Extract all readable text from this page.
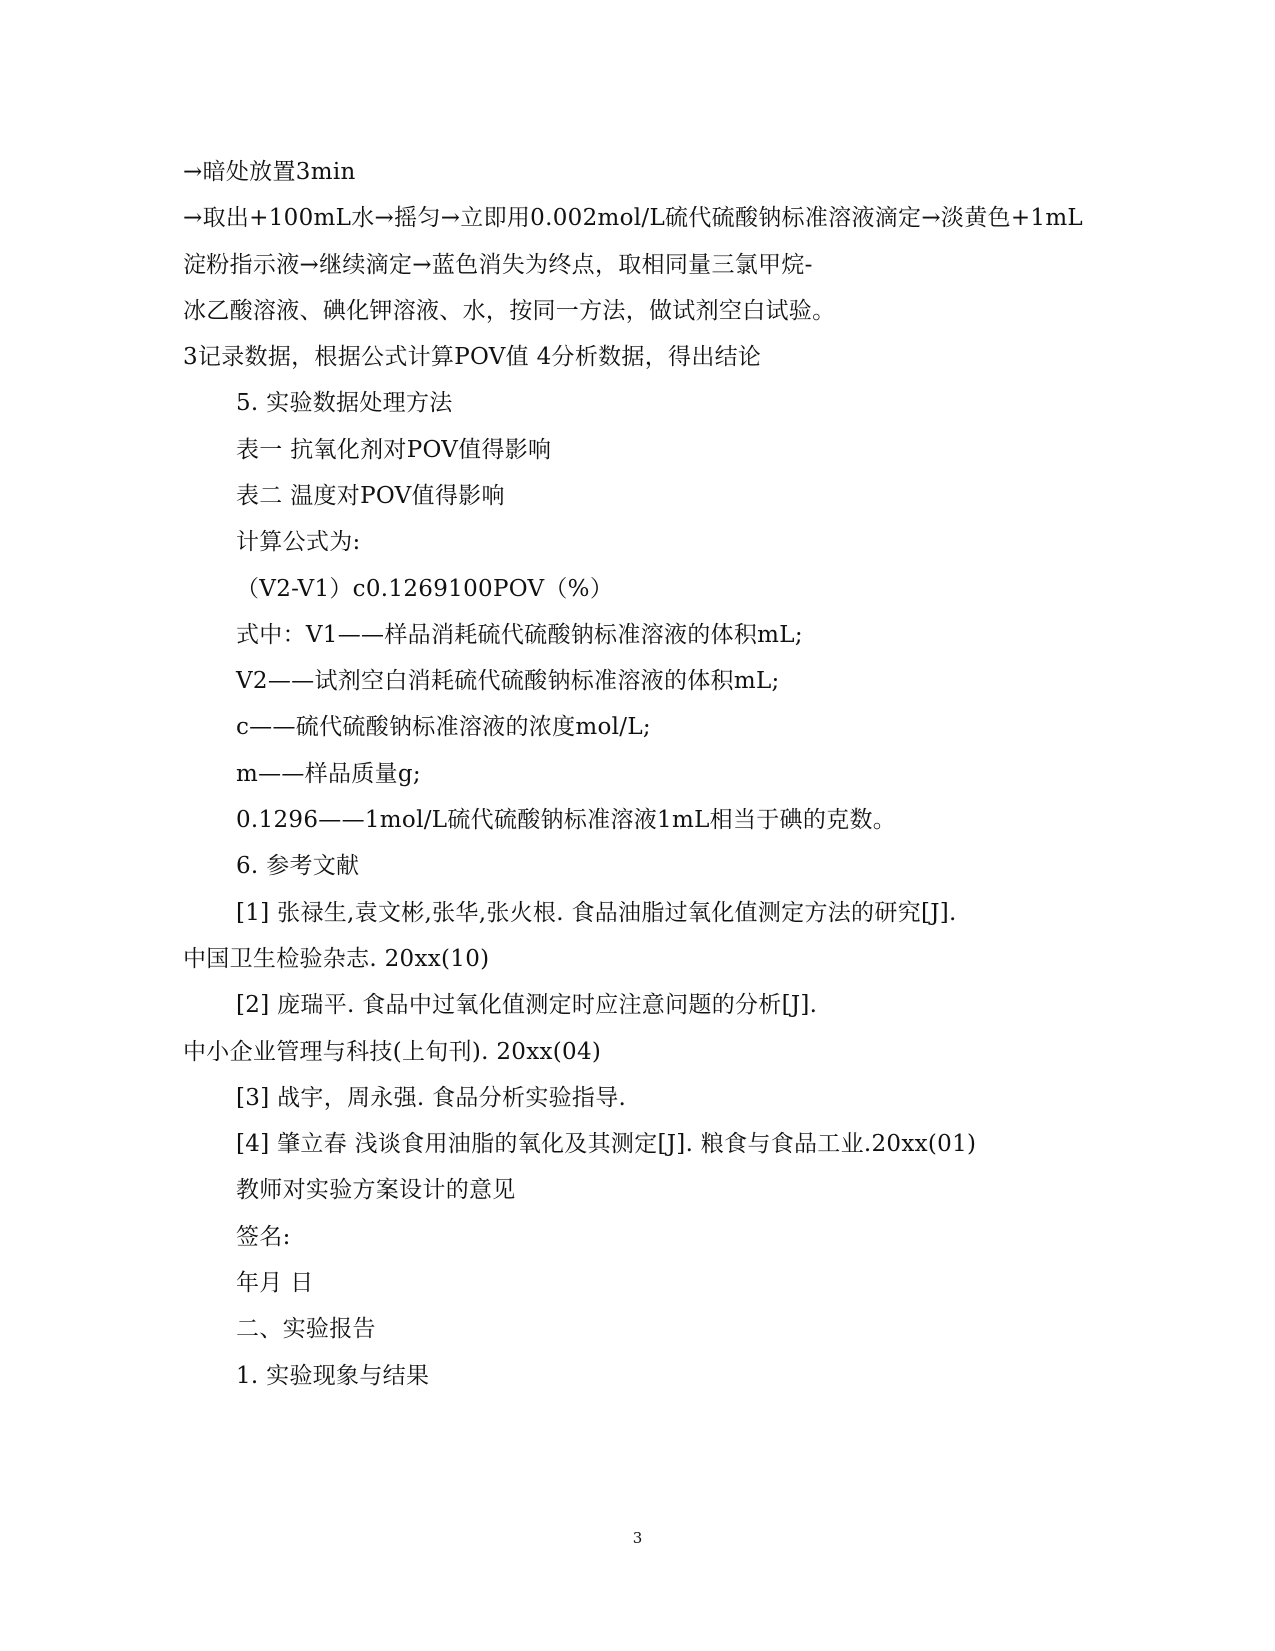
→暗处放置3min
→取出+100mL水→摇匀→立即用0.002mol/L硫代硫酸钠标准溶液滴定→淡黄色+1mL
淀粉指示液→继续滴定→蓝色消失为终点，取相同量三氯甲烷-
冰乙酸溶液、碘化钾溶液、水，按同一方法，做试剂空白试验。
3记录数据，根据公式计算POV值 4分析数据，得出结论
5. 实验数据处理方法
表一 抗氧化剂对POV值得影响
表二 温度对POV值得影响
计算公式为:
（V2-V1）c0.1269100POV（%）
式中：V1——样品消耗硫代硫酸钠标准溶液的体积mL;
V2——试剂空白消耗硫代硫酸钠标准溶液的体积mL;
c——硫代硫酸钠标准溶液的浓度mol/L;
m——样品质量g;
0.1296——1mol/L硫代硫酸钠标准溶液1mL相当于碘的克数。
6. 参考文献
[1] 张禄生,袁文彬,张华,张火根. 食品油脂过氧化值测定方法的研究[J].
中国卫生检验杂志. 20xx(10)
[2] 庞瑞平. 食品中过氧化值测定时应注意问题的分析[J].
中小企业管理与科技(上旬刊). 20xx(04)
[3] 战宇，周永强. 食品分析实验指导.
[4] 肇立春 浅谈食用油脂的氧化及其测定[J]. 粮食与食品工业.20xx(01)
教师对实验方案设计的意见
签名:
年月 日
二、实验报告
1. 实验现象与结果
3
